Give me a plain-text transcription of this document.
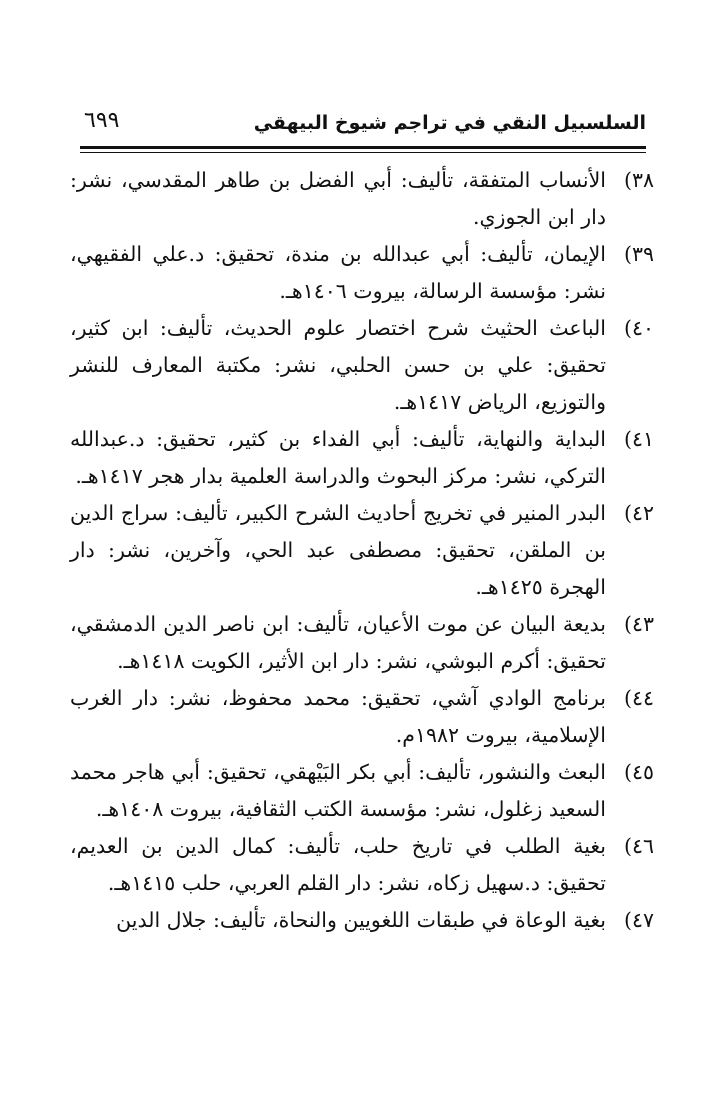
السلسبيل النقي في تراجم شيوخ البيهقي
٦٩٩
٣٨)
الأنساب المتفقة، تأليف: أبي الفضل بن طاهر المقدسي، نشر: دار ابن الجوزي.
٣٩)
الإيمان، تأليف: أبي عبدالله بن مندة، تحقيق: د.علي الفقيهي، نشر: مؤسسة الرسالة، بيروت ١٤٠٦هـ.
٤٠)
الباعث الحثيث شرح اختصار علوم الحديث، تأليف: ابن كثير، تحقيق: علي بن حسن الحلبي، نشر: مكتبة المعارف للنشر والتوزيع، الرياض ١٤١٧هـ.
٤١)
البداية والنهاية، تأليف: أبي الفداء بن كثير، تحقيق: د.عبدالله التركي، نشر: مركز البحوث والدراسة العلمية بدار هجر ١٤١٧هـ.
٤٢)
البدر المنير في تخريج أحاديث الشرح الكبير، تأليف: سراج الدين بن الملقن، تحقيق: مصطفى عبد الحي، وآخرين، نشر: دار الهجرة ١٤٢٥هـ.
٤٣)
بديعة البيان عن موت الأعيان، تأليف: ابن ناصر الدين الدمشقي، تحقيق: أكرم البوشي، نشر: دار ابن الأثير، الكويت ١٤١٨هـ.
٤٤)
برنامج الوادي آشي، تحقيق: محمد محفوظ، نشر: دار الغرب الإسلامية، بيروت ١٩٨٢م.
٤٥)
البعث والنشور، تأليف: أبي بكر البَيْهقي، تحقيق: أبي هاجر محمد السعيد زغلول، نشر: مؤسسة الكتب الثقافية، بيروت ١٤٠٨هـ.
٤٦)
بغية الطلب في تاريخ حلب، تأليف: كمال الدين بن العديم، تحقيق: د.سهيل زكاه، نشر: دار القلم العربي، حلب ١٤١٥هـ.
٤٧)
بغية الوعاة في طبقات اللغويين والنحاة، تأليف: جلال الدين
